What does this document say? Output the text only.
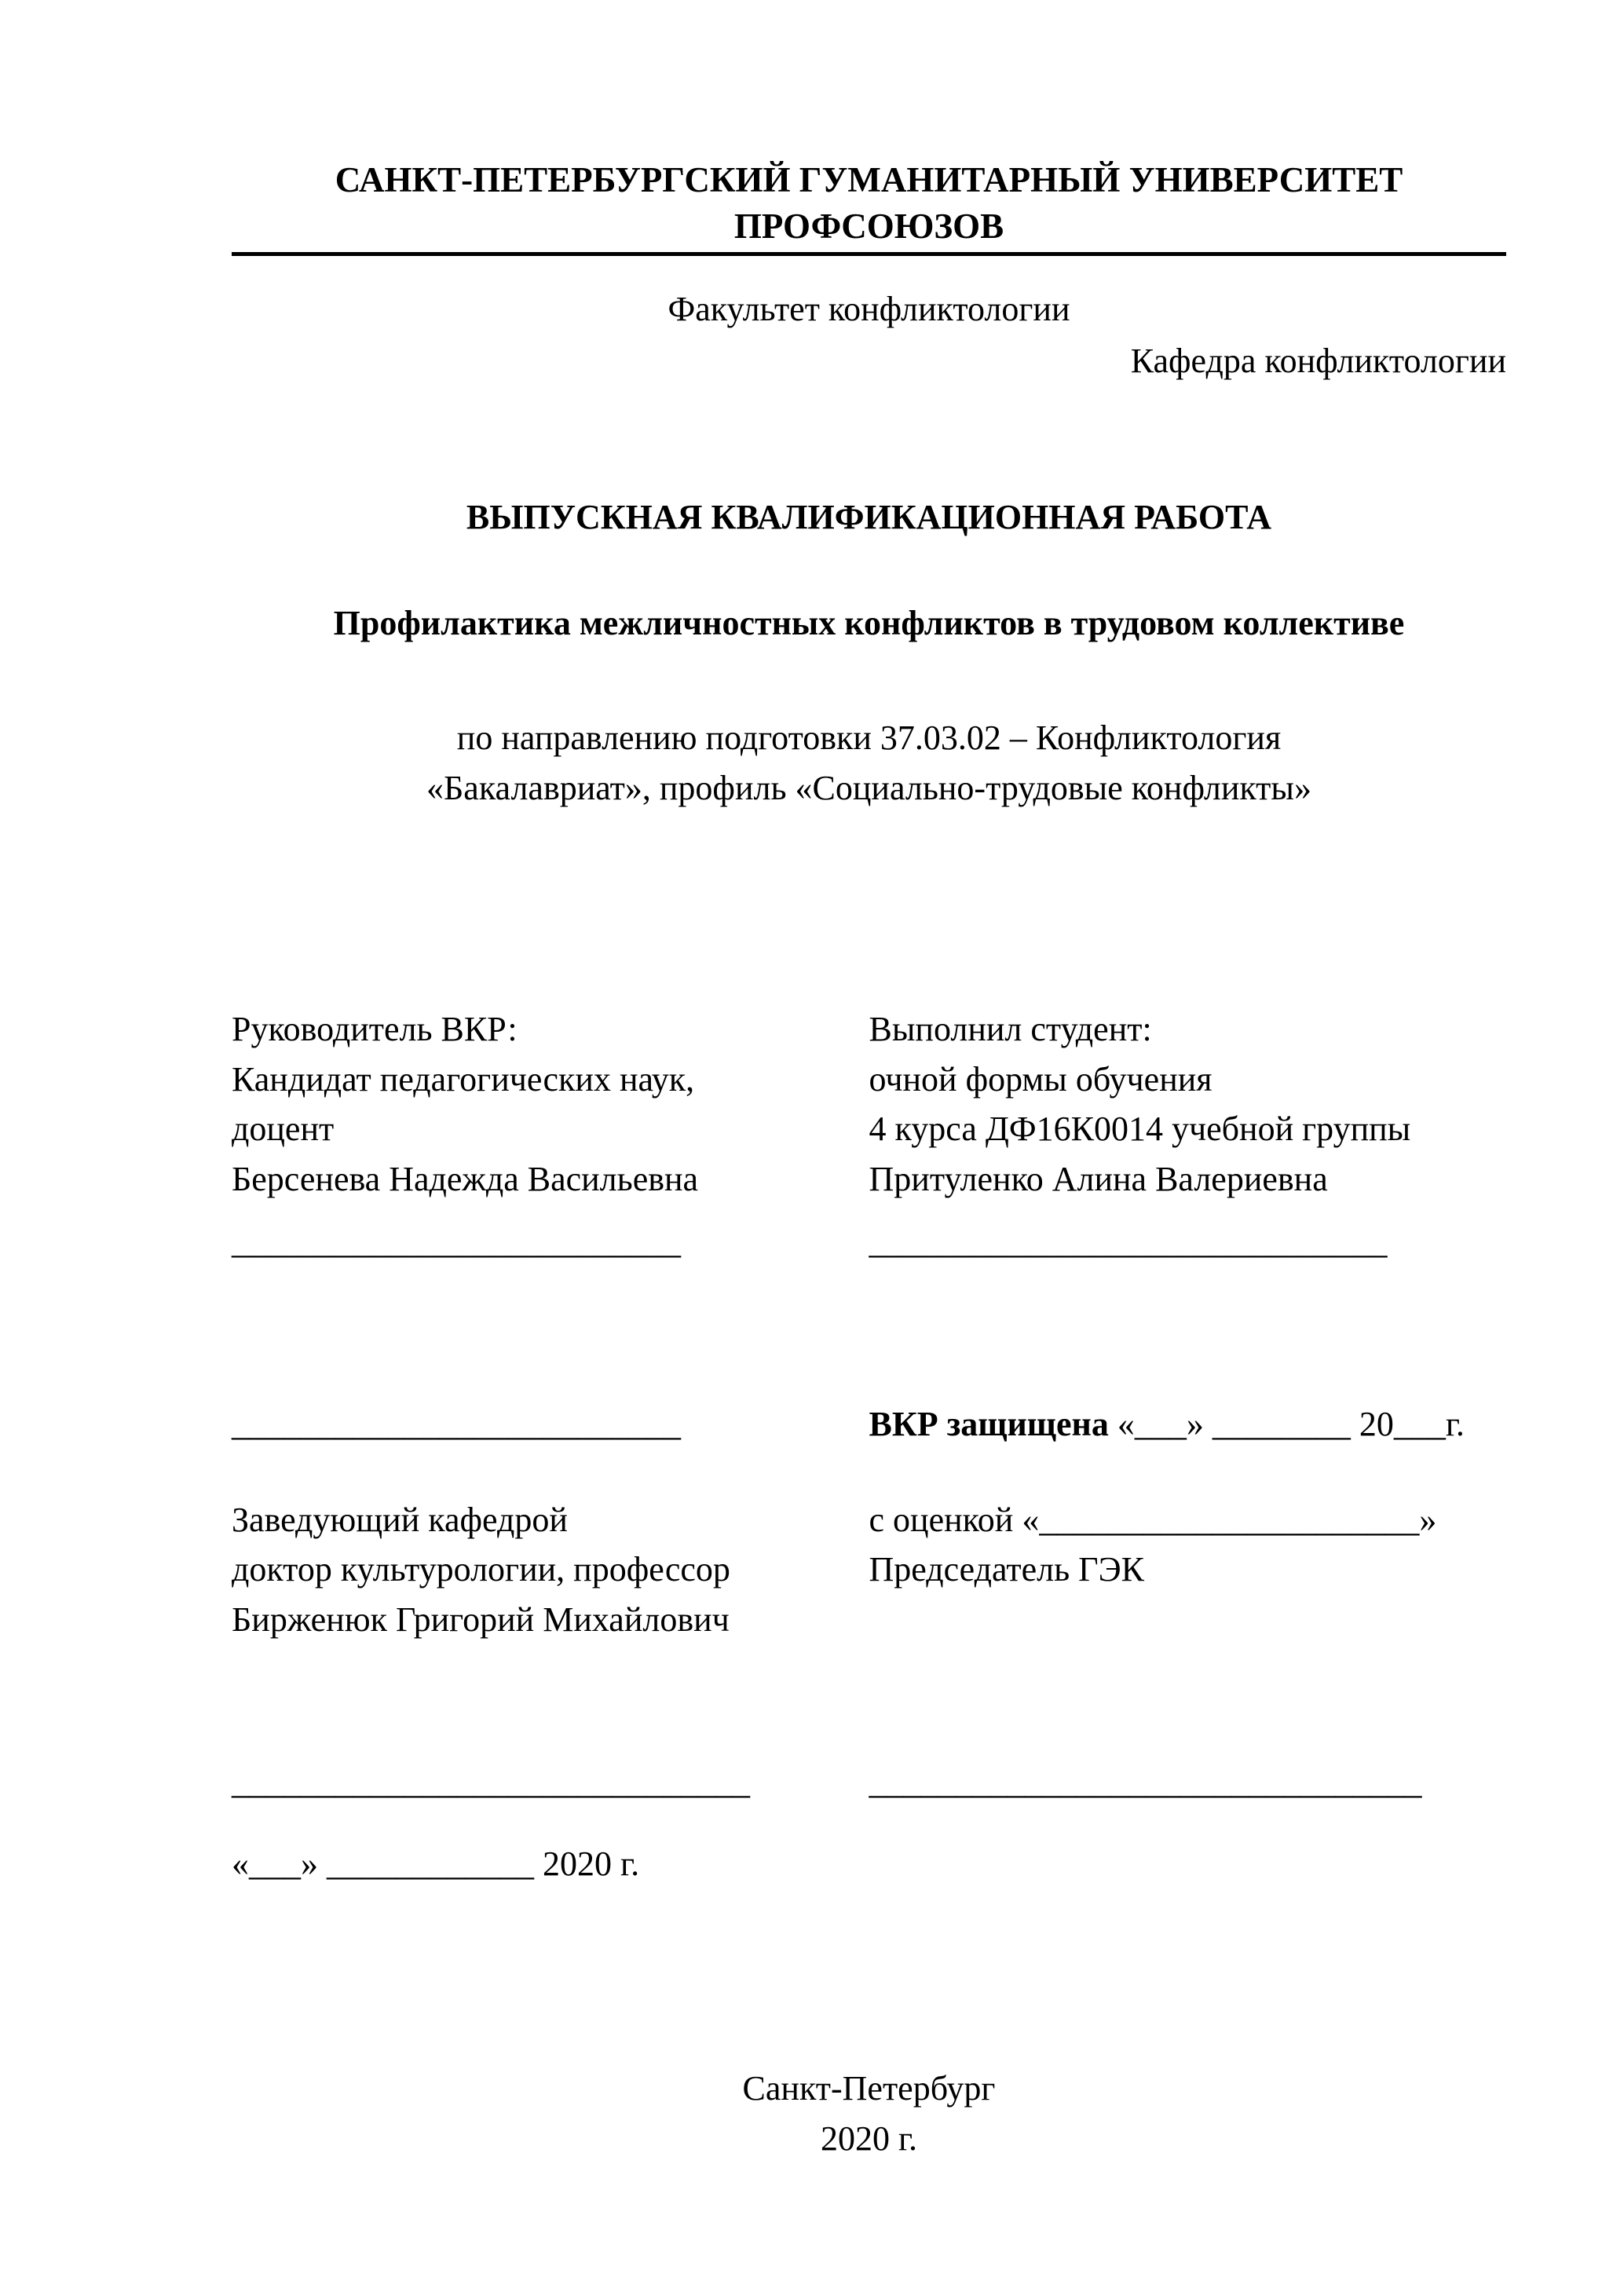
САНКТ-ПЕТЕРБУРГСКИЙ ГУМАНИТАРНЫЙ УНИВЕРСИТЕТ ПРОФСОЮЗОВ
Факультет конфликтологии
Кафедра конфликтологии
ВЫПУСКНАЯ КВАЛИФИКАЦИОННАЯ РАБОТА
Профилактика межличностных конфликтов в трудовом коллективе
по направлению подготовки 37.03.02 – Конфликтология
«Бакалавриат», профиль «Социально-трудовые конфликты»
Руководитель ВКР:
Кандидат педагогических наук,
доцент
Берсенева Надежда Васильевна
__________________________
Выполнил студент:
очной формы обучения
4 курса ДФ16К0014 учебной группы
Притуленко Алина Валериевна
______________________________
__________________________
Заведующий кафедрой
доктор культурологии, профессор
Бирженюк Григорий Михайлович
ВКР защищена «___» ________ 20___г.
с оценкой «______________________»
Председатель ГЭК
______________________________	________________________________
«___» ____________ 2020 г.
Санкт-Петербург
2020 г.
